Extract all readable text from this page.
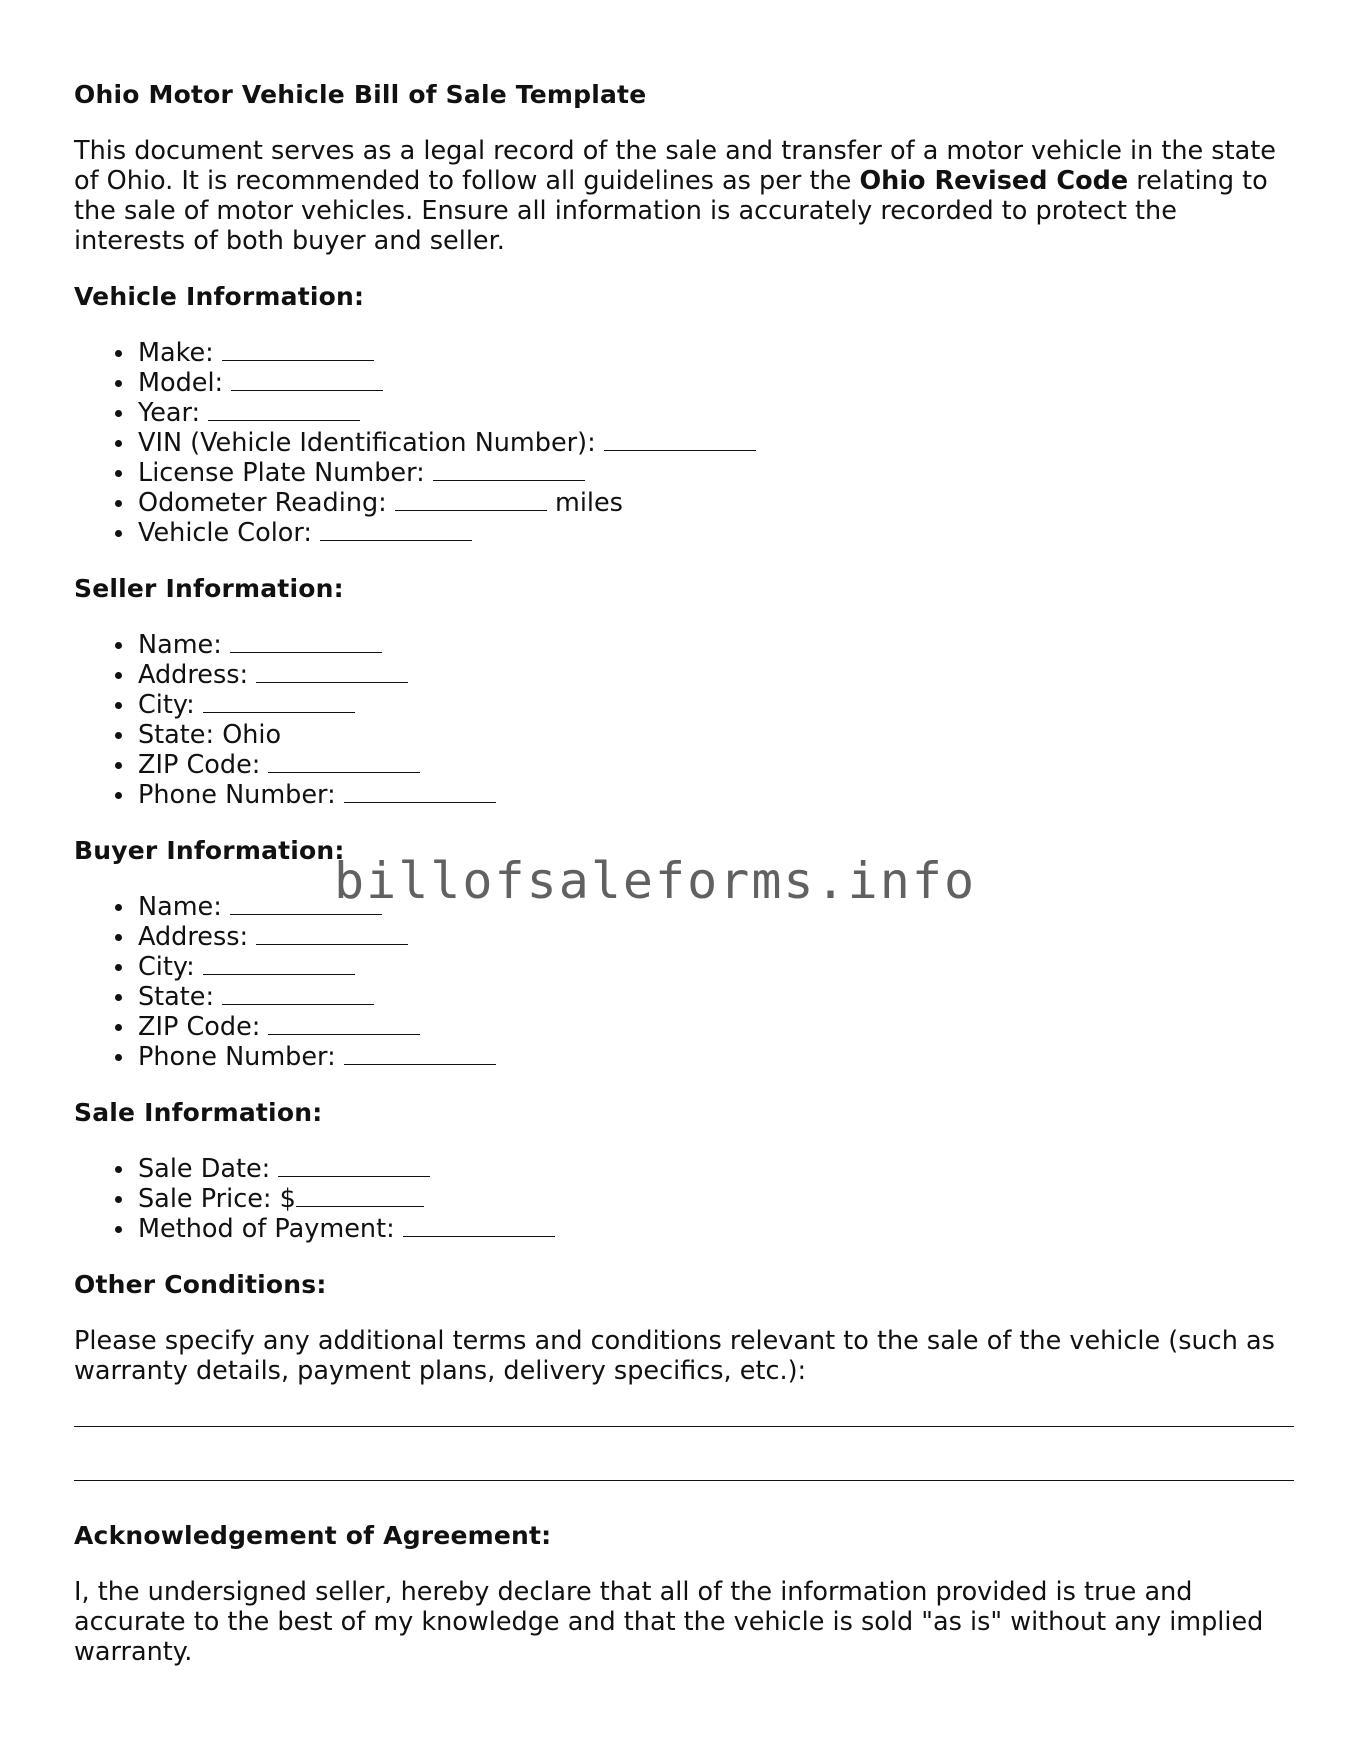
Ohio Motor Vehicle Bill of Sale Template

This document serves as a legal record of the sale and transfer of a motor vehicle in the state of Ohio. It is recommended to follow all guidelines as per the Ohio Revised Code relating to the sale of motor vehicles. Ensure all information is accurately recorded to protect the interests of both buyer and seller.

Vehicle Information:
Make:
Model:
Year:
VIN (Vehicle Identification Number):
License Plate Number:
Odometer Reading:	miles
Vehicle Color:
Seller Information:
Name:
Address:
City:
State: Ohio
ZIP Code:
Phone Number:
Buyer Information:
Name:
Address:
City:
State:
ZIP Code:
Phone Number:
Sale Information:
Sale Date:
Sale Price: $
Method of Payment:
Other Conditions:

Please specify any additional terms and conditions relevant to the sale of the vehicle (such as warranty details, payment plans, delivery specifics, etc.):

Acknowledgement of Agreement:

I, the undersigned seller, hereby declare that all of the information provided is true and accurate to the best of my knowledge and that the vehicle is sold "as is" without any implied warranty.

billofsaleforms.info
